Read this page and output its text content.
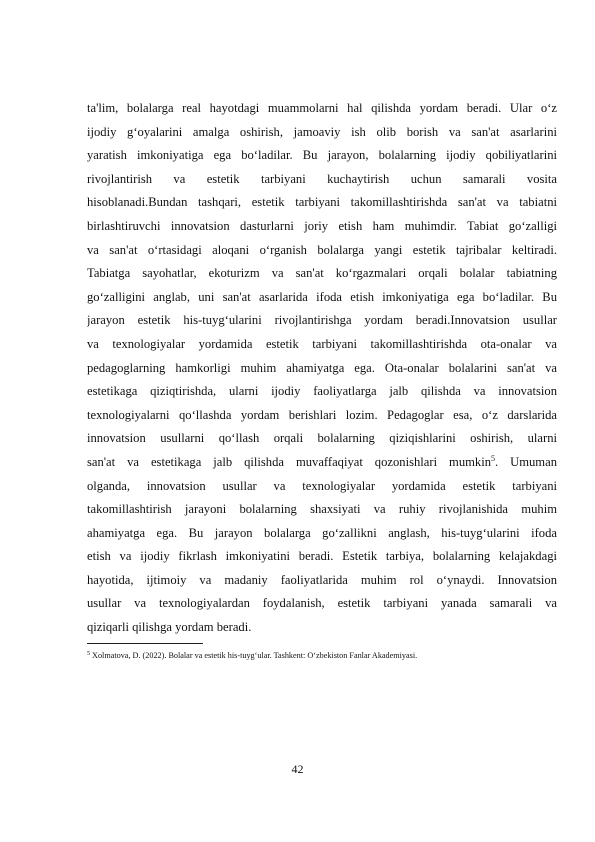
ta'lim, bolalarga real hayotdagi muammolarni hal qilishda yordam beradi. Ular o‘z
ijodiy g‘oyalarini amalga oshirish, jamoaviy ish olib borish va san'at asarlarini
yaratish imkoniyatiga ega bo‘ladilar. Bu jarayon, bolalarning ijodiy qobiliyatlarini
rivojlantirish va estetik tarbiyani kuchaytirish uchun samarali vosita
hisoblanadi.Bundan tashqari, estetik tarbiyani takomillashtirishda san'at va tabiatni
birlashtiruvchi innovatsion dasturlarni joriy etish ham muhimdir. Tabiat go‘zalligi
va san'at o‘rtasidagi aloqani o‘rganish bolalarga yangi estetik tajribalar keltiradi.
Tabiatga sayohatlar, ekoturizm va san'at ko‘rgazmalari orqali bolalar tabiatning
go‘zalligini anglab, uni san'at asarlarida ifoda etish imkoniyatiga ega bo‘ladilar. Bu
jarayon estetik his-tuyg‘ularini rivojlantirishga yordam beradi.Innovatsion usullar
va texnologiyalar yordamida estetik tarbiyani takomillashtirishda ota-onalar va
pedagoglarning hamkorligi muhim ahamiyatga ega. Ota-onalar bolalarini san'at va
estetikaga qiziqtirishda, ularni ijodiy faoliyatlarga jalb qilishda va innovatsion
texnologiyalarni qo‘llashda yordam berishlari lozim. Pedagoglar esa, o‘z darslarida
innovatsion usullarni qo‘llash orqali bolalarning qiziqishlarini oshirish, ularni
san'at va estetikaga jalb qilishda muvaffaqiyat qozonishlari mumkin$^5$. Umuman
olganda, innovatsion usullar va texnologiyalar yordamida estetik tarbiyani
takomillashtirish jarayoni bolalarning shaxsiyati va ruhiy rivojlanishida muhim
ahamiyatga ega. Bu jarayon bolalarga go‘zallikni anglash, his-tuyg‘ularini ifoda
etish va ijodiy fikrlash imkoniyatini beradi. Estetik tarbiya, bolalarning kelajakdagi
hayotida, ijtimoiy va madaniy faoliyatlarida muhim rol o‘ynaydi. Innovatsion
usullar va texnologiyalardan foydalanish, estetik tarbiyani yanada samarali va
qiziqarli qilishga yordam beradi.
$^5$ Xolmatova, D. (2022). Bolalar va estetik his-tuyg‘ular. Tashkent: O‘zbekiston Fanlar Akademiyasi.
42
